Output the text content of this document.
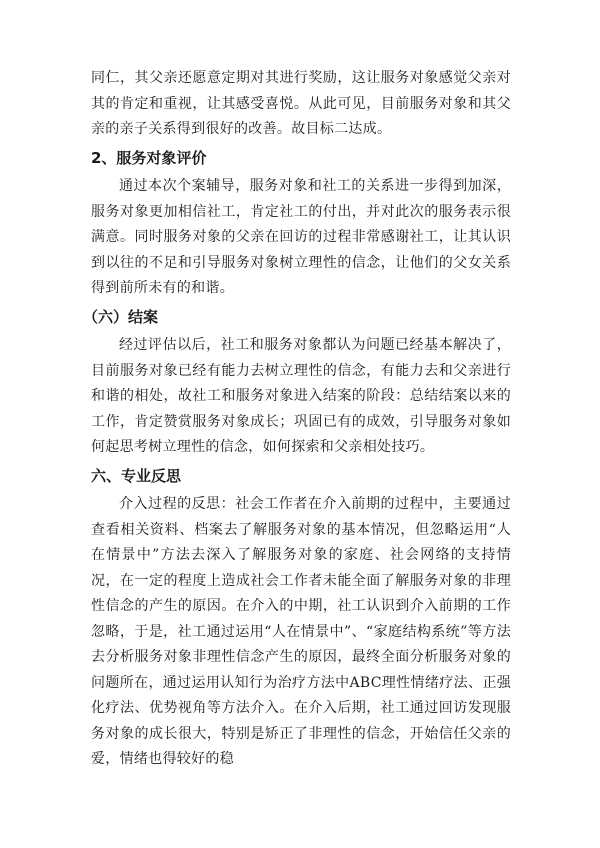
同仁，其父亲还愿意定期对其进行奖励，这让服务对象感觉父亲对其的肯定和重视，让其感受喜悦。从此可见，目前服务对象和其父亲的亲子关系得到很好的改善。故目标二达成。

2、服务对象评价

通过本次个案辅导，服务对象和社工的关系进一步得到加深，服务对象更加相信社工，肯定社工的付出，并对此次的服务表示很满意。同时服务对象的父亲在回访的过程非常感谢社工，让其认识到以往的不足和引导服务对象树立理性的信念，让他们的父女关系得到前所未有的和谐。

（六）结案

经过评估以后，社工和服务对象都认为问题已经基本解决了，目前服务对象已经有能力去树立理性的信念，有能力去和父亲进行和谐的相处，故社工和服务对象进入结案的阶段：总结结案以来的工作，肯定赞赏服务对象成长；巩固已有的成效，引导服务对象如何起思考树立理性的信念，如何探索和父亲相处技巧。

六、专业反思

介入过程的反思：社会工作者在介入前期的过程中，主要通过查看相关资料、档案去了解服务对象的基本情况，但忽略运用“人在情景中”方法去深入了解服务对象的家庭、社会网络的支持情况，在一定的程度上造成社会工作者未能全面了解服务对象的非理性信念的产生的原因。在介入的中期，社工认识到介入前期的工作忽略，于是，社工通过运用“人在情景中”、“家庭结构系统”等方法去分析服务对象非理性信念产生的原因，最终全面分析服务对象的问题所在，通过运用认知行为治疗方法中ABC理性情绪疗法、正强化疗法、优势视角等方法介入。在介入后期，社工通过回访发现服务对象的成长很大，特别是矫正了非理性的信念，开始信任父亲的爱，情绪也得较好的稳
